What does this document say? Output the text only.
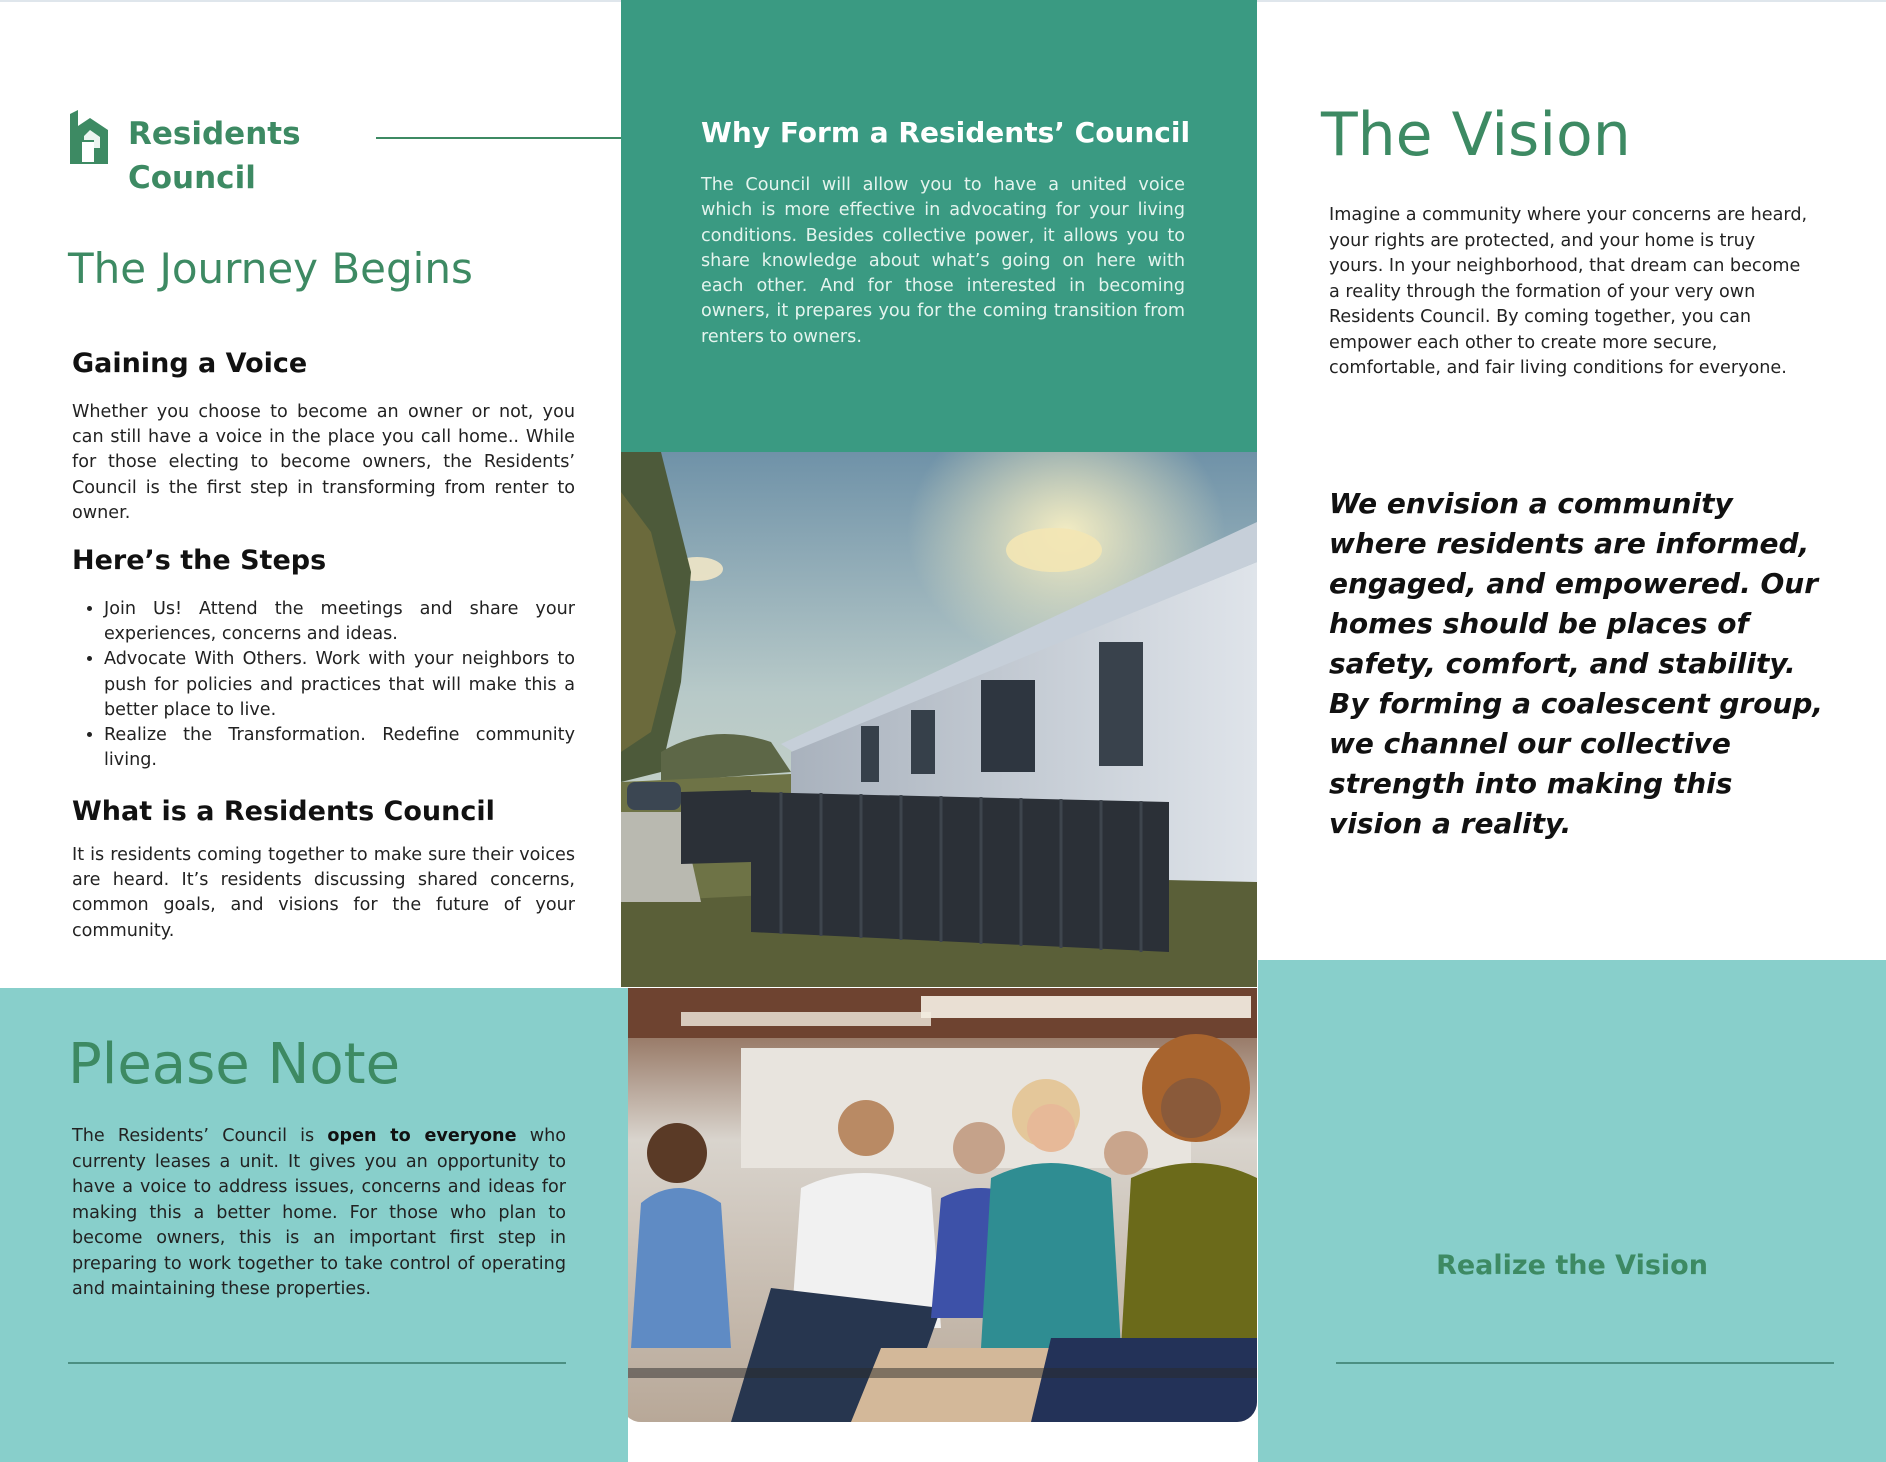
Residents
Council
The Journey Begins
Gaining a Voice

Whether you choose to become an owner or not, you can still have a voice in the place you call home.. While for those electing to become owners, the Residents’ Council is the first step in transforming from renter to owner.

Here’s the Steps
• Join Us! Attend the meetings and share your experiences, concerns and ideas.
• Advocate With Others. Work with your neighbors to push for policies and practices that will make this a better place to live.
• Realize the Transformation. Redefine community living.
What is a Residents Council

It is residents coming together to make sure their voices are heard. It’s residents discussing shared concerns, common goals, and visions for the future of your community.

Why Form a Residents’ Council

The Council will allow you to have a united voice which is more effective in advocating for your living conditions. Besides collective power, it allows you to share knowledge about what’s going on here with each other. And for those interested in becoming owners, it prepares you for the coming transition from renters to owners.

The Vision

Imagine a community where your concerns are heard, your rights are protected, and your home is truy yours. In your neighborhood, that dream can become a reality through the formation of your very own Residents Council. By coming together, you can empower each other to create more secure, comfortable, and fair living conditions for everyone.

We envision a community where residents are informed, engaged, and empowered. Our homes should be places of safety, comfort, and stability. By forming a coalescent group, we channel our collective strength into making this vision a reality.

Please Note

The Residents’ Council is open to everyone who currenty leases a unit. It gives you an opportunity to have a voice to address issues, concerns and ideas for making this a better home. For those who plan to become owners, this is an important first step in preparing to work together to take control of operating and maintaining these properties.

Realize the Vision
